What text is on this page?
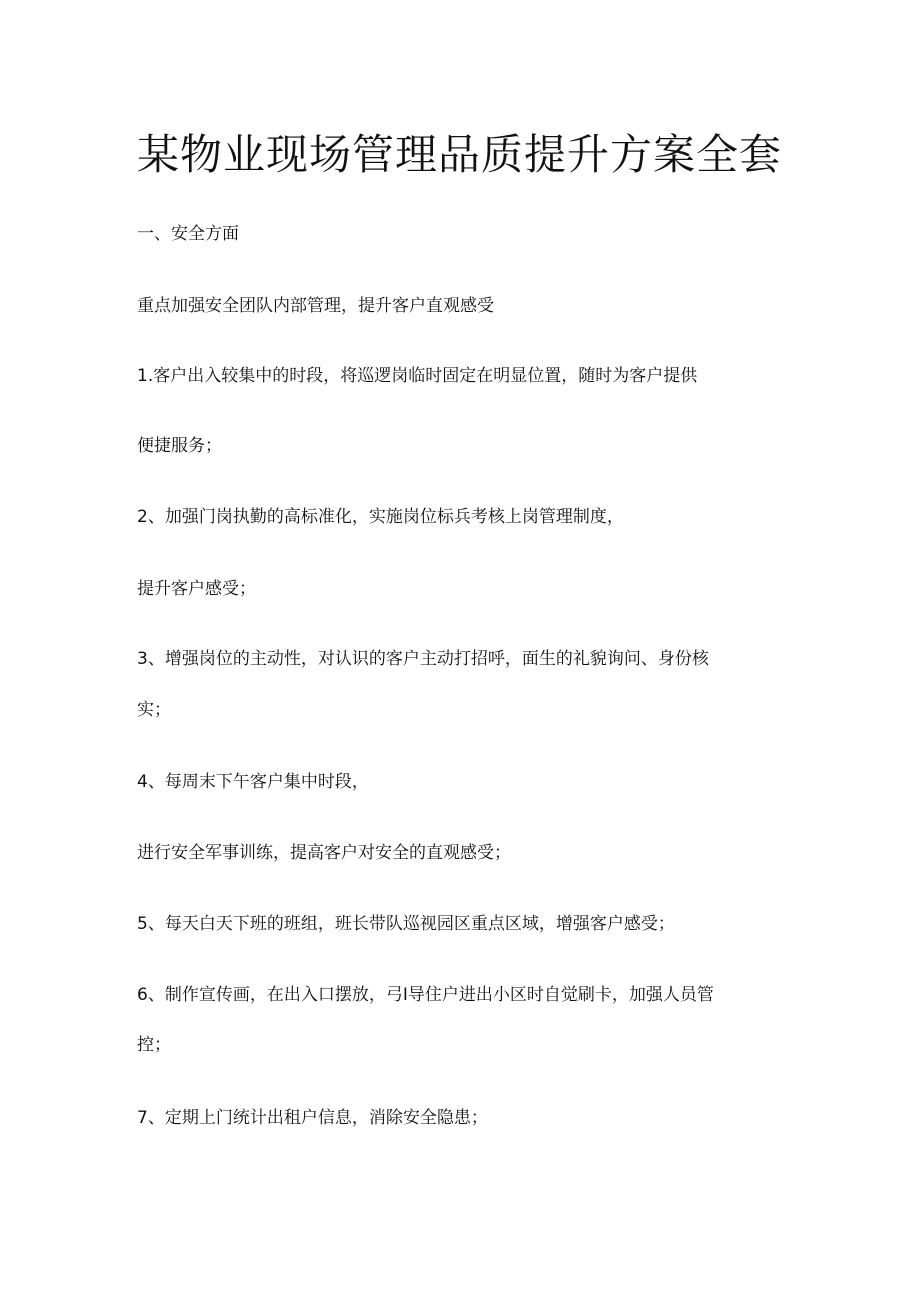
某物业现场管理品质提升方案全套
一、安全方面
重点加强安全团队内部管理，提升客户直观感受
1.客户出入较集中的时段，将巡逻岗临时固定在明显位置，随时为客户提供
便捷服务；
2、加强门岗执勤的高标准化，实施岗位标兵考核上岗管理制度，
提升客户感受；
3、增强岗位的主动性，对认识的客户主动打招呼，面生的礼貌询问、身份核
实；
4、每周末下午客户集中时段，
进行安全军事训练，提高客户对安全的直观感受；
5、每天白天下班的班组，班长带队巡视园区重点区域，增强客户感受；
6、制作宣传画，在出入口摆放，弓I导住户进出小区时自觉刷卡，加强人员管
控；
7、定期上门统计出租户信息，消除安全隐患；
